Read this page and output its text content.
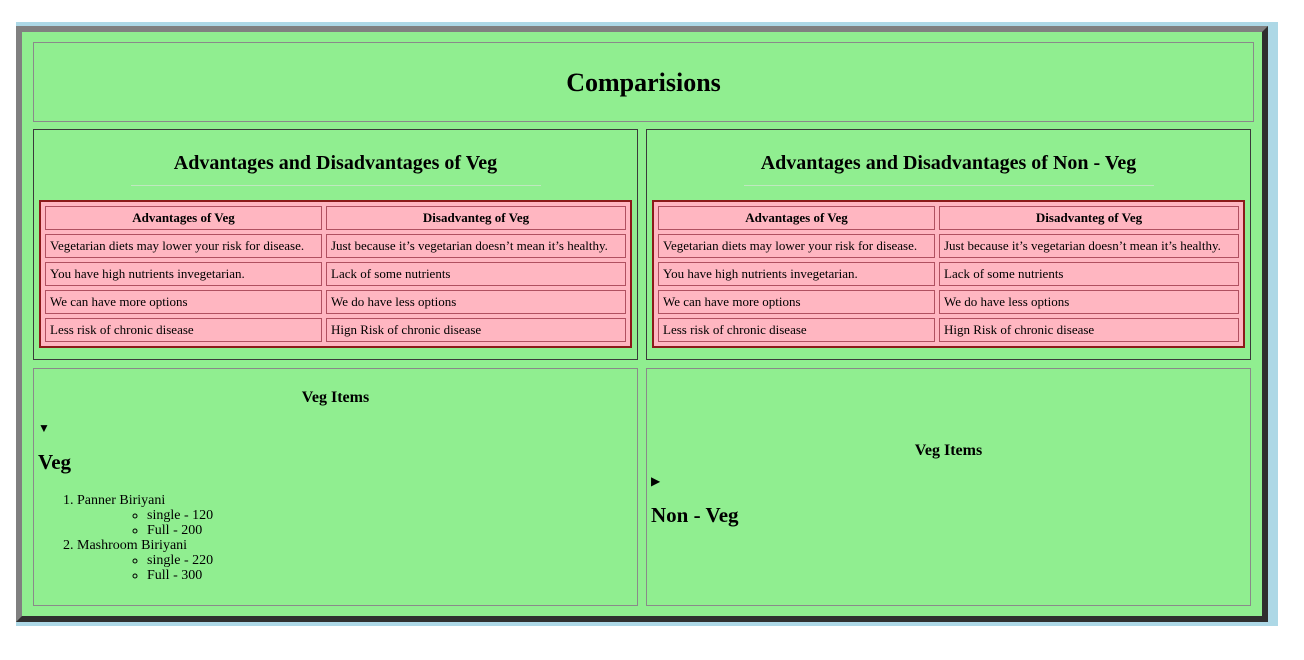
Comparisions
Advantages and Disadvantages of Veg
Advantages of Veg	Disadvanteg of Veg
Vegetarian diets may lower your risk for disease.	Just because it’s vegetarian doesn’t mean it’s healthy.
You have high nutrients invegetarian.	Lack of some nutrients
We can have more options	We do have less options
Less risk of chronic disease	Hign Risk of chronic disease
Advantages and Disadvantages of Non - Veg
Advantages of Veg	Disadvanteg of Veg
Vegetarian diets may lower your risk for disease.	Just because it’s vegetarian doesn’t mean it’s healthy.
You have high nutrients invegetarian.	Lack of some nutrients
We can have more options	We do have less options
Less risk of chronic disease	Hign Risk of chronic disease

Veg Items

▼

Veg

1. Panner Biriyani
◦ single - 120
◦ Full - 200
2. Mashroom Biriyani
◦ single - 220
◦ Full - 300

Veg Items

▶

Non - Veg
